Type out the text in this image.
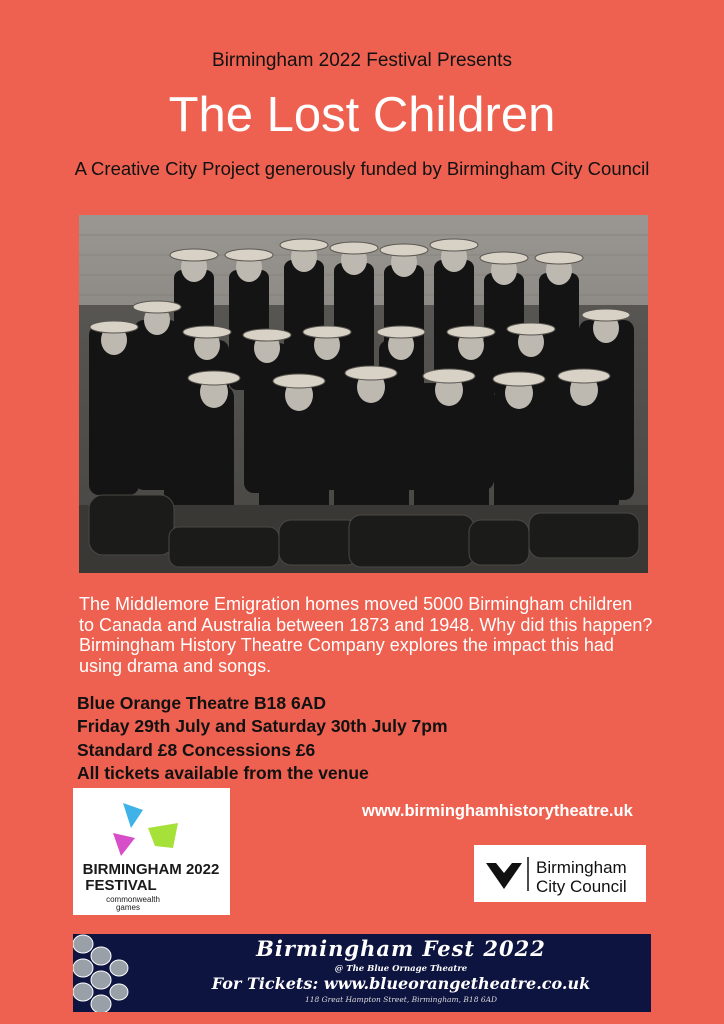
Birmingham 2022 Festival Presents
The Lost Children
A Creative City Project generously funded by Birmingham City Council
The Middlemore Emigration homes moved 5000 Birmingham children
to Canada and Australia between 1873 and 1948. Why did this happen?
Birmingham History Theatre Company explores the impact this had
using drama and songs.
Blue Orange Theatre B18 6AD
Friday 29th July and Saturday 30th July 7pm
Standard £8 Concessions £6
All tickets available from the venue
www.birminghamhistorytheatre.uk
BIRMINGHAM 2022
FESTIVAL
commonwealth
games
Birmingham
City Council
Birmingham Fest 2022
@ The Blue Ornage Theatre
For Tickets: www.blueorangetheatre.co.uk
118 Great Hampton Street, Birmingham, B18 6AD
